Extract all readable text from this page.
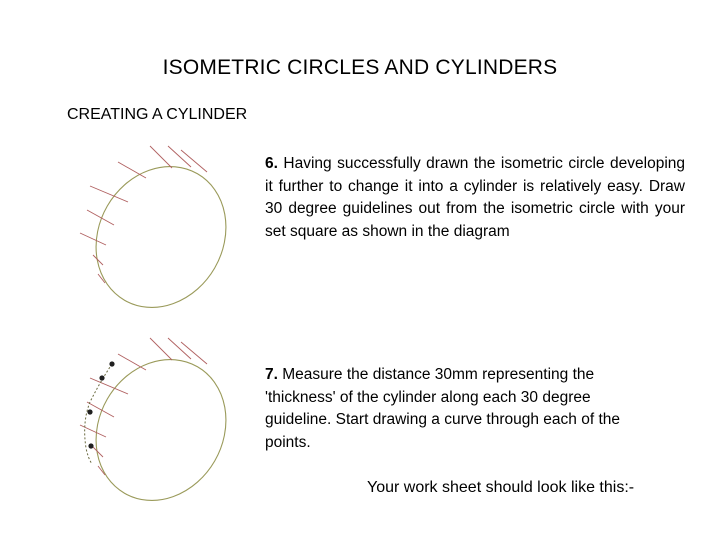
ISOMETRIC CIRCLES AND CYLINDERS
CREATING A CYLINDER
6. Having successfully drawn the isometric circle developing it further to change it into a cylinder is relatively easy. Draw 30 degree guidelines out from the isometric circle with your set square as shown in the diagram
7. Measure the distance 30mm representing the 'thickness' of the cylinder along each 30 degree guideline. Start drawing a curve through each of the points.
Your work sheet should look like this:-
